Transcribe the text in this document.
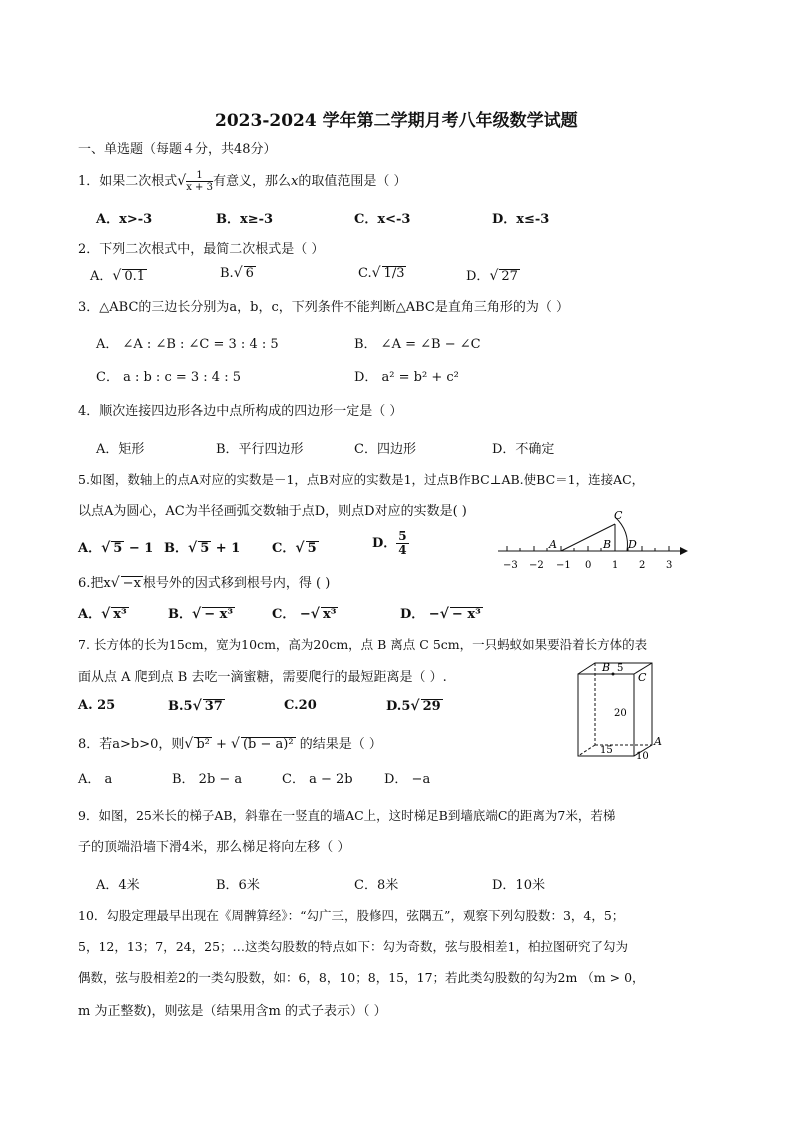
2023-2024 学年第二学期月考八年级数学试题
一、单选题（每题４分，共48分）
1．如果二次根式√ $\frac{1}{x + 3}$ 有意义，那么x的取值范围是（ ）
A．x>-3	B．x≥-3	C．x<-3	D．x≤-3
2．下列二次根式中，最简二次根式是（ ）
A．√ 0.1	B.√ 6	C.√ 1/3	D．√ 27
3．△ABC的三边长分别为a，b，c，下列条件不能判断△ABC是直角三角形的为（ ）
A． ∠A : ∠B : ∠C = 3 : 4 : 5	B． ∠A = ∠B − ∠C
C． a : b : c = 3 : 4 : 5	D． a² = b² + c²
4．顺次连接四边形各边中点所构成的四边形一定是（ ）
A．矩形	B．平行四边形	C．四边形	D．不确定
5.如图，数轴上的点A对应的实数是－1，点B对应的实数是1，过点B作BC⊥AB.使BC＝1，连接AC，
以点A为圆心，AC为半径画弧交数轴于点D，则点D对应的实数是( )
A．√ 5 − 1 B．√ 5 + 1 C．√ 5	D． $\frac{5}{4}$
−3 −2 −1 0 1 2 3
A	B
C
D
6.把x√ −x 根号外的因式移到根号内，得 ( )
A．√ x³	B．√ − x³	C． −√ x³	D． −√ − x³
7. 长方体的长为15cm，宽为10cm，高为20cm，点 B 离点 C 5cm，一只蚂蚁如果要沿着长方体的表
面从点 A 爬到点 B 去吃一滴蜜糖，需要爬行的最短距离是（ ）.
A. 25	B.5√ 37	C.20	D.5√ 29
B 5
C
20
A
15
10
8．若a>b>0，则√ b² + √ (b − a)² 的结果是（ ）
A． a	B． 2b − a	C． a − 2b D． −a
9．如图，25米长的梯子AB，斜靠在一竖直的墙AC上，这时梯足B到墙底端C的距离为7米，若梯
子的顶端沿墙下滑4米，那么梯足将向左移（ ）
A．4米	B．6米	C．8米	D．10米
10．勾股定理最早出现在《周髀算经》：“勾广三，股修四，弦隅五”，观察下列勾股数：3，4，5；
5，12，13；7，24，25；…这类勾股数的特点如下：勾为奇数，弦与股相差1，柏拉图研究了勾为
偶数，弦与股相差2的一类勾股数，如：6，8，10；8，15，17；若此类勾股数的勾为2m （m > 0，
m 为正整数)，则弦是（结果用含m 的式子表示）（ ）
